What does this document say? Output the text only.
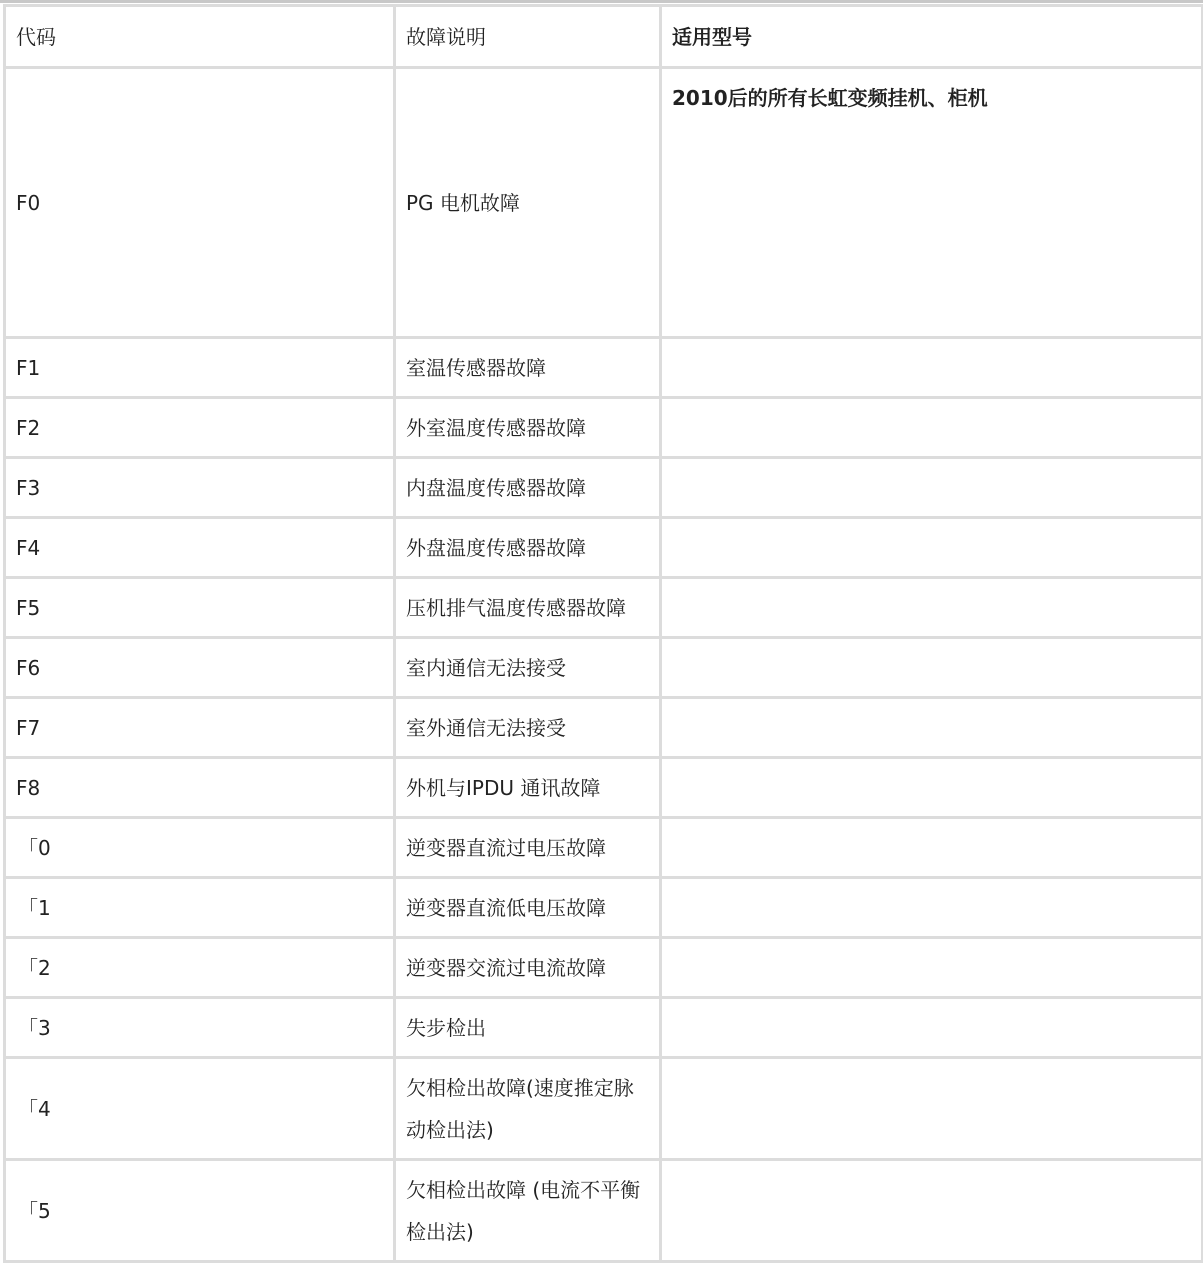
代码	故障说明	适用型号
F0	PG 电机故障	2010后的所有长虹变频挂机、柜机
F1	室温传感器故障	
F2	外室温度传感器故障	
F3	内盘温度传感器故障	
F4	外盘温度传感器故障	
F5	压机排气温度传感器故障	
F6	室内通信无法接受	
F7	室外通信无法接受	
F8	外机与IPDU 通讯故障	
「0	逆变器直流过电压故障	
「1	逆变器直流低电压故障	
「2	逆变器交流过电流故障	
「3	失步检出	
「4	欠相检出故障(速度推定脉动检出法)	
「5	欠相检出故障 (电流不平衡检出法)	
